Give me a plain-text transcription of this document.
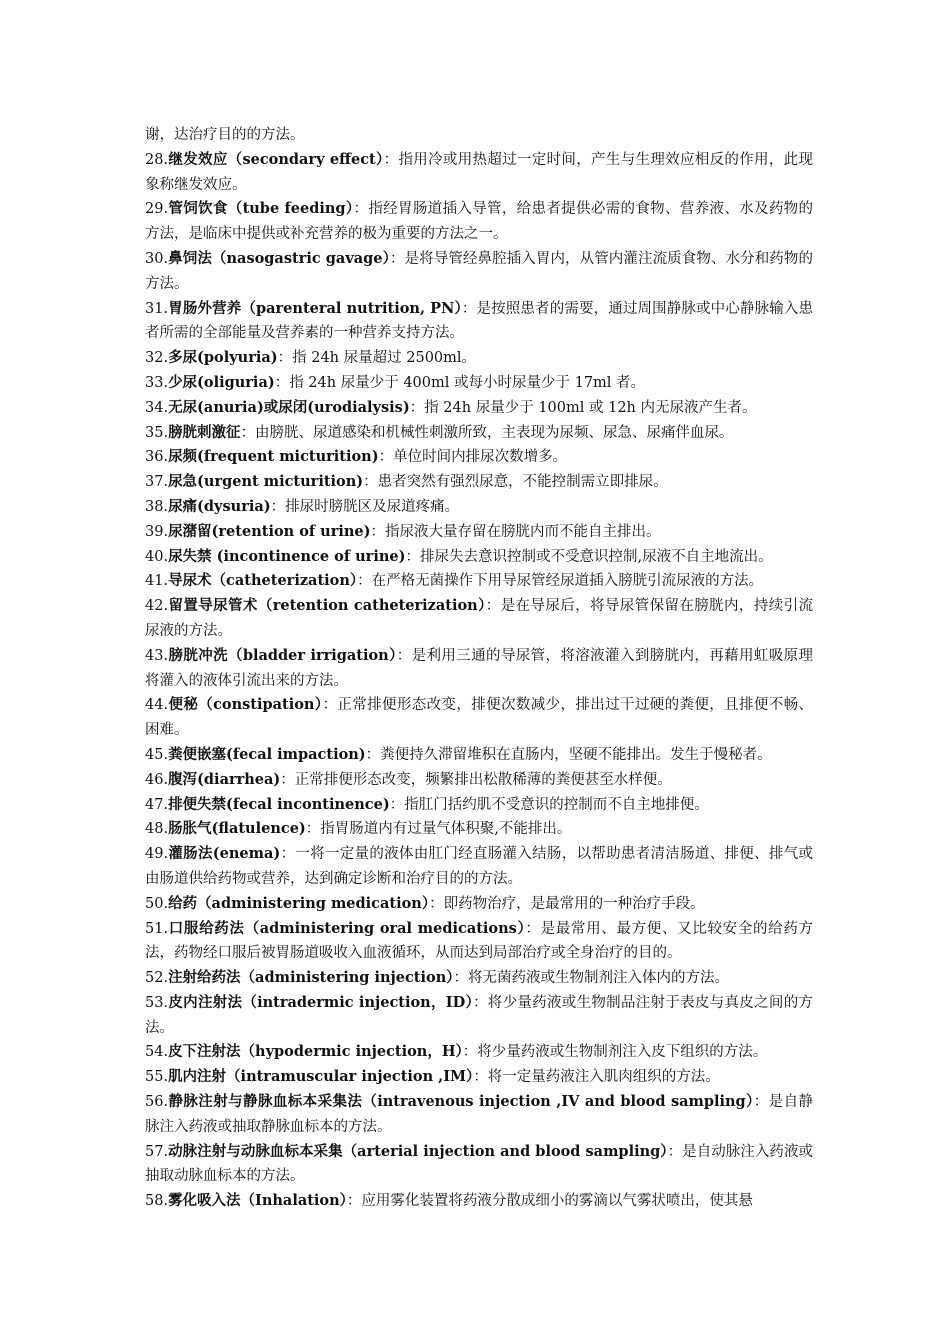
谢，达治疗目的的方法。

28.继发效应（secondary effect）：指用冷或用热超过一定时间，产生与生理效应相反的作用，此现象称继发效应。

29.管饲饮食（tube feeding）：指经胃肠道插入导管，给患者提供必需的食物、营养液、水及药物的方法，是临床中提供或补充营养的极为重要的方法之一。

30.鼻饲法（nasogastric gavage）：是将导管经鼻腔插入胃内，从管内灌注流质食物、水分和药物的方法。

31.胃肠外营养（parenteral nutrition, PN）：是按照患者的需要，通过周围静脉或中心静脉输入患者所需的全部能量及营养素的一种营养支持方法。

32.多尿(polyuria)：指 24h 尿量超过 2500ml。

33.少尿(oliguria)：指 24h 尿量少于 400ml 或每小时尿量少于 17ml 者。

34.无尿(anuria)或尿闭(urodialysis)：指 24h 尿量少于 100ml 或 12h 内无尿液产生者。

35.膀胱刺激征：由膀胱、尿道感染和机械性刺激所致，主表现为尿频、尿急、尿痛伴血尿。

36.尿频(frequent micturition)：单位时间内排尿次数增多。

37.尿急(urgent micturition)：患者突然有强烈尿意，不能控制需立即排尿。

38.尿痛(dysuria)：排尿时膀胱区及尿道疼痛。

39.尿潴留(retention of urine)：指尿液大量存留在膀胱内而不能自主排出。

40.尿失禁 (incontinence of urine)：排尿失去意识控制或不受意识控制,尿液不自主地流出。

41.导尿术（catheterization）：在严格无菌操作下用导尿管经尿道插入膀胱引流尿液的方法。

42.留置导尿管术（retention catheterization）：是在导尿后，将导尿管保留在膀胱内，持续引流尿液的方法。

43.膀胱冲洗（bladder irrigation）：是利用三通的导尿管，将溶液灌入到膀胱内，再藉用虹吸原理将灌入的液体引流出来的方法。

44.便秘（constipation）：正常排便形态改变，排便次数减少，排出过干过硬的粪便，且排便不畅、困难。

45.粪便嵌塞(fecal impaction)：粪便持久滞留堆积在直肠内，坚硬不能排出。发生于慢秘者。

46.腹泻(diarrhea)：正常排便形态改变，频繁排出松散稀薄的粪便甚至水样便。

47.排便失禁(fecal incontinence)：指肛门括约肌不受意识的控制而不自主地排便。

48.肠胀气(flatulence)：指胃肠道内有过量气体积聚,不能排出。

49.灌肠法(enema)：一将一定量的液体由肛门经直肠灌入结肠，以帮助患者清洁肠道、排便、排气或由肠道供给药物或营养，达到确定诊断和治疗目的的方法。

50.给药（administering medication）：即药物治疗，是最常用的一种治疗手段。

51.口服给药法（administering oral medications）：是最常用、最方便、又比较安全的给药方法，药物经口服后被胃肠道吸收入血液循环，从而达到局部治疗或全身治疗的目的。

52.注射给药法（administering injection）：将无菌药液或生物制剂注入体内的方法。

53.皮内注射法（intradermic injection，ID）：将少量药液或生物制品注射于表皮与真皮之间的方法。

54.皮下注射法（hypodermic injection，H）：将少量药液或生物制剂注入皮下组织的方法。

55.肌内注射（intramuscular injection ,IM）：将一定量药液注入肌肉组织的方法。

56.静脉注射与静脉血标本采集法（intravenous injection ,IV and blood sampling）：是自静脉注入药液或抽取静脉血标本的方法。

57.动脉注射与动脉血标本采集（arterial injection and blood sampling）：是自动脉注入药液或抽取动脉血标本的方法。

58.雾化吸入法（Inhalation）：应用雾化装置将药液分散成细小的雾滴以气雾状喷出，使其悬
